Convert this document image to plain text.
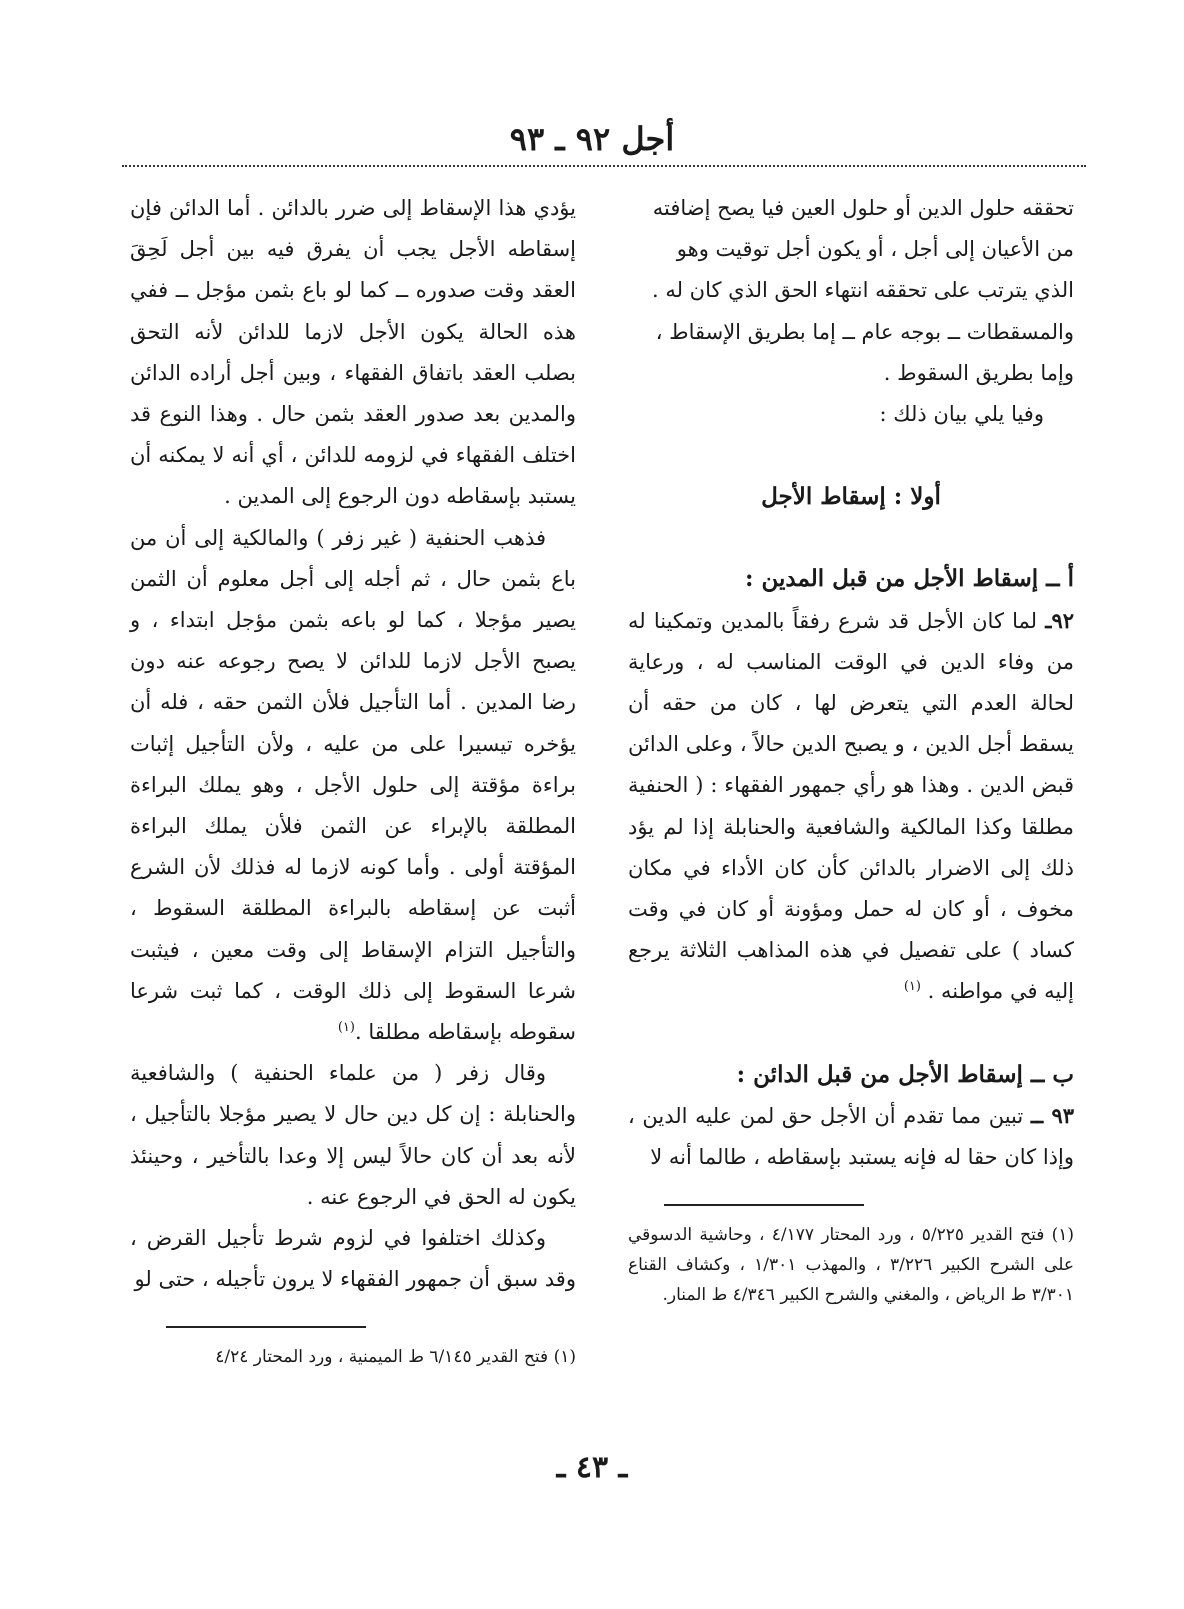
أجل ٩٢ ـ ٩٣

تحققه حلول الدين أو حلول العين فيا يصح إضافته

من الأعيان إلى أجل ، أو يكون أجل توقيت وهو

الذي يترتب على تحققه انتهاء الحق الذي كان له .

والمسقطات ــ بوجه عام ــ إما بطريق الإسقاط ،

وإما بطريق السقوط .

وفيا يلي بيان ذلك :

أولا : إسقاط الأجل

أ ــ إسقاط الأجل من قبل المدين :

٩٢ـ لما كان الأجل قد شرع رفقاً بالمدين وتمكينا له من وفاء الدين في الوقت المناسب له ، ورعاية لحالة العدم التي يتعرض لها ، كان من حقه أن يسقط أجل الدين ، و يصبح الدين حالاً ، وعلى الدائن قبض الدين . وهذا هو رأي جمهور الفقهاء : ( الحنفية مطلقا وكذا المالكية والشافعية والحنابلة إذا لم يؤد ذلك إلى الاضرار بالدائن كأن كان الأداء في مكان مخوف ، أو كان له حمل ومؤونة أو كان في وقت كساد ) على تفصيل في هذه المذاهب الثلاثة يرجع إليه في مواطنه . $^{(١)}$

ب ــ إسقاط الأجل من قبل الدائن :

٩٣ ــ تبين مما تقدم أن الأجل حق لمن عليه الدين ، وإذا كان حقا له فإنه يستبد بإسقاطه ، طالما أنه لا

(١) فتح القدير ٥/٢٢٥ ، ورد المحتار ٤/١٧٧ ، وحاشية الدسوقي على الشرح الكبير ٣/٢٢٦ ، والمهذب ١/٣٠١ ، وكشاف القناع ٣/٣٠١ ط الرياض ، والمغني والشرح الكبير ٤/٣٤٦ ط المنار.

يؤدي هذا الإسقاط إلى ضرر بالدائن . أما الدائن فإن إسقاطه الأجل يجب أن يفرق فيه بين أجل لَحِقَ العقد وقت صدوره ــ كما لو باع بثمن مؤجل ــ ففي هذه الحالة يكون الأجل لازما للدائن لأنه التحق بصلب العقد باتفاق الفقهاء ، وبين أجل أراده الدائن والمدين بعد صدور العقد بثمن حال . وهذا النوع قد اختلف الفقهاء في لزومه للدائن ، أي أنه لا يمكنه أن يستبد بإسقاطه دون الرجوع إلى المدين .

فذهب الحنفية ( غير زفر ) والمالكية إلى أن من باع بثمن حال ، ثم أجله إلى أجل معلوم أن الثمن يصير مؤجلا ، كما لو باعه بثمن مؤجل ابتداء ، و يصبح الأجل لازما للدائن لا يصح رجوعه عنه دون رضا المدين . أما التأجيل فلأن الثمن حقه ، فله أن يؤخره تيسيرا على من عليه ، ولأن التأجيل إثبات براءة مؤقتة إلى حلول الأجل ، وهو يملك البراءة المطلقة بالإبراء عن الثمن فلأن يملك البراءة المؤقتة أولى . وأما كونه لازما له فذلك لأن الشرع أثبت عن إسقاطه بالبراءة المطلقة السقوط ، والتأجيل التزام الإسقاط إلى وقت معين ، فيثبت شرعا السقوط إلى ذلك الوقت ، كما ثبت شرعا سقوطه بإسقاطه مطلقا .$^{(١)}$

وقال زفر ( من علماء الحنفية ) والشافعية والحنابلة : إن كل دين حال لا يصير مؤجلا بالتأجيل ، لأنه بعد أن كان حالاً ليس إلا وعدا بالتأخير ، وحينئذ يكون له الحق في الرجوع عنه .

وكذلك اختلفوا في لزوم شرط تأجيل القرض ، وقد سبق أن جمهور الفقهاء لا يرون تأجيله ، حتى لو

(١) فتح القدير ٦/١٤٥ ط الميمنية ، ورد المحتار ٤/٢٤

ـ ٤٣ ـ
